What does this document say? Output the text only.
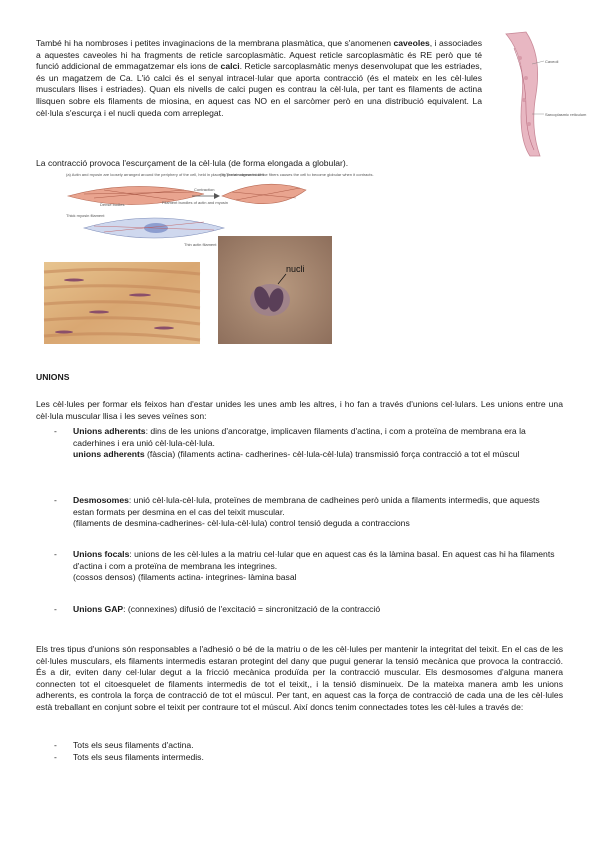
També hi ha nombroses i petites invaginacions de la membrana plasmàtica, que s'anomenen caveoles, i associades a aquestes caveoles hi ha fragments de reticle sarcoplasmàtic. Aquest reticle sarcoplasmàtic és RE però que té funció addicional de emmagatzemar els ions de calci. Reticle sarcoplasmàtic menys desenvolupat que les estriades, és un magatzem de Ca. L'ió calci és el senyal intracel·lular que aporta contracció (és el mateix en les cèl·lules musculars llises i estriades). Quan els nivells de calci pugen es contrau la cèl·lula, per tant es filaments de actina llisquen sobre els filaments de miosina, en aquest cas NO en el sarcòmer però en una distribució equivalent. La cèl·lula s'escurça i el nucli queda com arreplegat.

Caveoli
Sarcoplasmic reticulum

La contracció provoca l'escurçament de la cèl·lula (de forma elongada a globular).

(a) Actin and myosin are loosely arranged around the periphery of the cell, held in place by protein dense bodies.
(b) The arrangement of the fibers causes the cell to become globular when it contracts.
Contraction
Thick myosin filament
Dense bodies	Filament bundles of actin and myosin
Thin actin filament
nucli
UNIONS

Les cèl·lules per formar els feixos han d'estar unides les unes amb les altres, i ho fan a través d'unions cel·lulars. Les unions entre una cèl·lula muscular llisa i les seves veïnes son:

- Unions adherents: dins de les unions d'ancoratge, implicaven filaments d'actina, i com a proteïna de membrana era la caderhines i era unió cèl·lula-cèl·lula.
unions adherents (fàscia) (filaments actina- cadherines- cèl·lula-cèl·lula) transmissió força contracció a tot el múscul

- Desmosomes: unió cèl·lula-cèl·lula, proteïnes de membrana de cadheines però unida a filaments intermedis, que aquests estan formats per desmina en el cas del teixit muscular.
(filaments de desmina-cadherines- cèl·lula-cèl·lula) control tensió deguda a contraccions

- Unions focals: unions de les cèl·lules a la matriu cel·lular que en aquest cas és la làmina basal. En aquest cas hi ha filaments d'actina i com a proteïna de membrana les integrines.
(cossos densos) (filaments actina- integrines- làmina basal

- Unions GAP: (connexines) difusió de l'excitació = sincronització de la contracció

Els tres tipus d'unions són responsables a l'adhesió o bé de la matriu o de les cèl·lules per mantenir la integritat del teixit. En el cas de les cèl·lules musculars, els filaments intermedis estaran protegint del dany que pugui generar la tensió mecànica que provoca la contracció. És a dir, eviten dany cel·lular degut a la fricció mecànica produïda per la contracció muscular. Els desmosomes d'alguna manera connecten tot el citoesquelet de filaments intermedis de tot el teixit,, i la tensió disminueix. De la mateixa manera amb les unions adherents, es controla la força de contracció de tot el múscul. Per tant, en aquest cas la força de contracció de cada una de les cèl·lules està treballant en conjunt sobre el teixit per contraure tot el múscul. Així doncs tenim connectades totes les cèl·lules a través de:

- Tots els seus filaments d'actina.

- Tots els seus filaments intermedis.
